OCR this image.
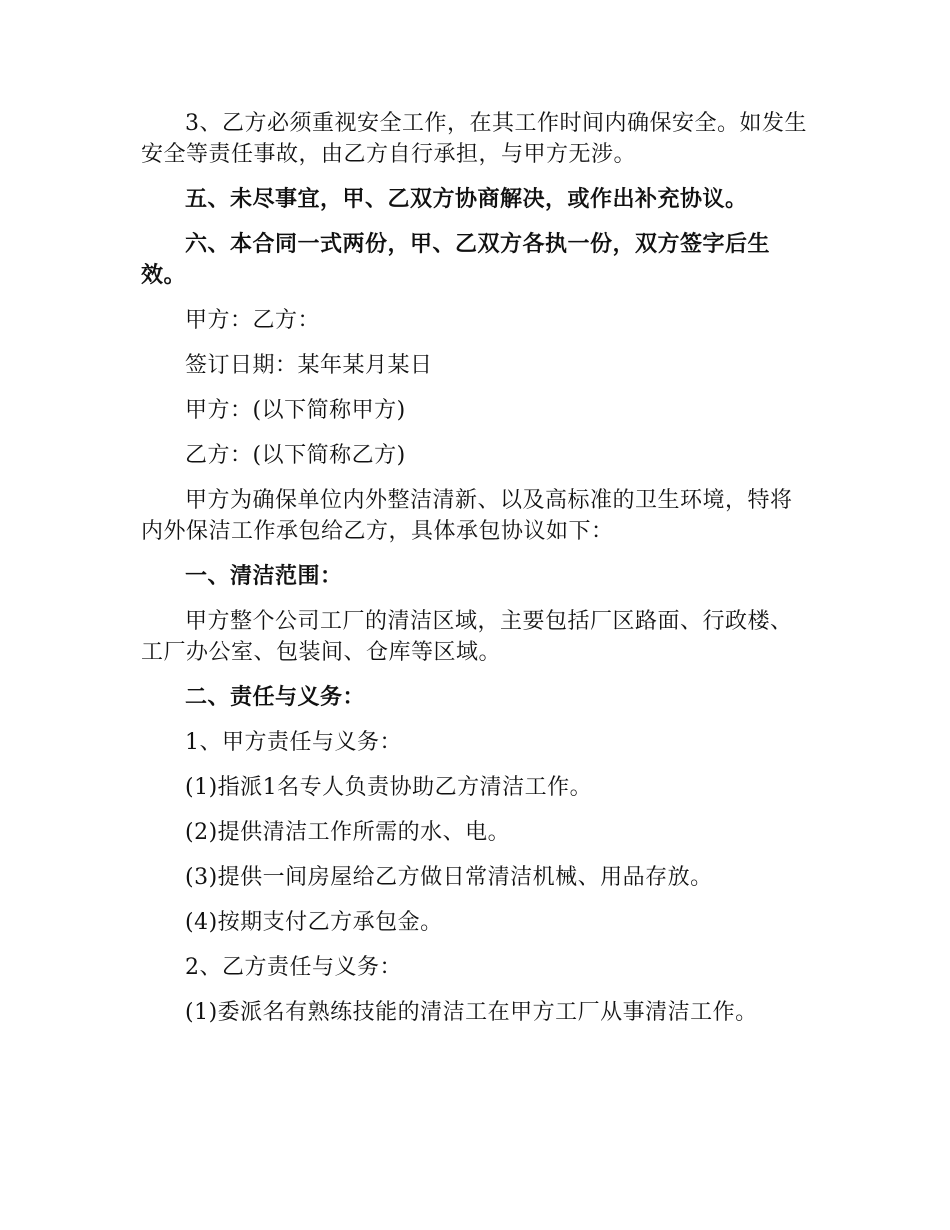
3、乙方必须重视安全工作，在其工作时间内确保安全。如发生安全等责任事故，由乙方自行承担，与甲方无涉。

五、未尽事宜，甲、乙双方协商解决，或作出补充协议。

六、本合同一式两份，甲、乙双方各执一份，双方签字后生效。

甲方：乙方：

签订日期：某年某月某日

甲方：(以下简称甲方)

乙方：(以下简称乙方)

甲方为确保单位内外整洁清新、以及高标准的卫生环境，特将内外保洁工作承包给乙方，具体承包协议如下：

一、清洁范围：

甲方整个公司工厂的清洁区域，主要包括厂区路面、行政楼、工厂办公室、包装间、仓库等区域。

二、责任与义务：

1、甲方责任与义务：

(1)指派1名专人负责协助乙方清洁工作。

(2)提供清洁工作所需的水、电。

(3)提供一间房屋给乙方做日常清洁机械、用品存放。

(4)按期支付乙方承包金。

2、乙方责任与义务：

(1)委派名有熟练技能的清洁工在甲方工厂从事清洁工作。
